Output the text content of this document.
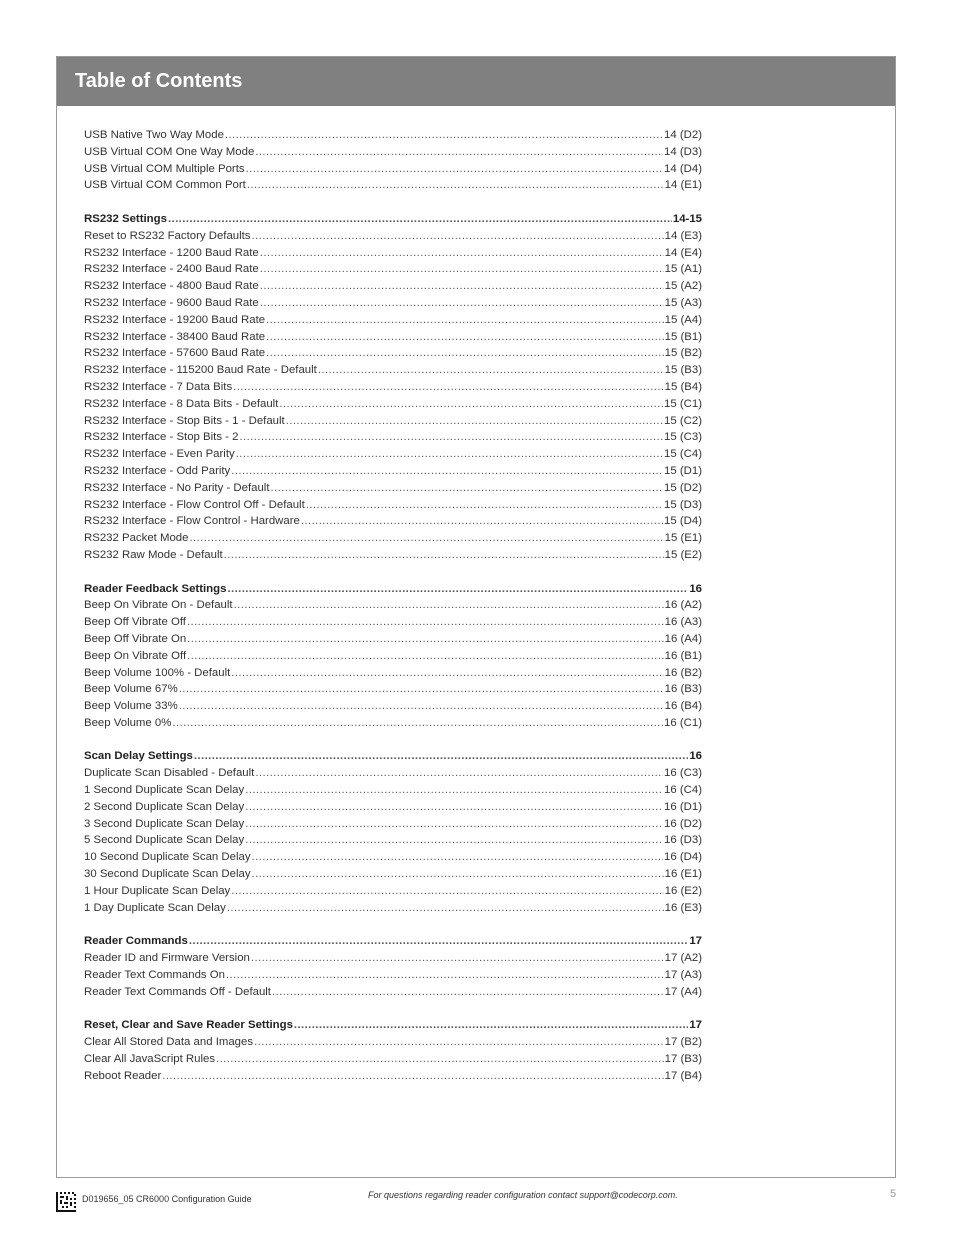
Table of Contents
USB Native Two Way Mode .....	14 (D2)
USB Virtual COM One Way Mode .....	14 (D3)
USB Virtual COM Multiple Ports .....	14 (D4)
USB Virtual COM Common Port .....	14 (E1)
RS232 Settings .....	14-15
Reset to RS232 Factory Defaults .....	14 (E3)
RS232 Interface - 1200 Baud Rate .....	14 (E4)
RS232 Interface - 2400 Baud Rate .....	15 (A1)
RS232 Interface - 4800 Baud Rate .....	15 (A2)
RS232 Interface - 9600 Baud Rate .....	15 (A3)
RS232 Interface - 19200 Baud Rate .....	15 (A4)
RS232 Interface - 38400 Baud Rate .....	15 (B1)
RS232 Interface - 57600 Baud Rate .....	15 (B2)
RS232 Interface - 115200 Baud Rate - Default .....	15 (B3)
RS232 Interface - 7 Data Bits .....	15 (B4)
RS232 Interface - 8 Data Bits - Default .....	15 (C1)
RS232 Interface - Stop Bits - 1 - Default .....	15 (C2)
RS232 Interface - Stop Bits - 2 .....	15 (C3)
RS232 Interface - Even Parity .....	15 (C4)
RS232 Interface - Odd Parity .....	15 (D1)
RS232 Interface - No Parity - Default .....	15 (D2)
RS232 Interface - Flow Control Off - Default .....	15 (D3)
RS232 Interface - Flow Control - Hardware .....	15 (D4)
RS232 Packet Mode .....	15 (E1)
RS232 Raw Mode - Default .....	15 (E2)
Reader Feedback Settings .....	16
Beep On Vibrate On - Default .....	16 (A2)
Beep Off Vibrate Off .....	16 (A3)
Beep Off Vibrate On .....	16 (A4)
Beep On Vibrate Off .....	16 (B1)
Beep Volume 100% - Default .....	16 (B2)
Beep Volume 67% .....	16 (B3)
Beep Volume 33% .....	16 (B4)
Beep Volume 0% .....	16 (C1)
Scan Delay Settings .....	16
Duplicate Scan Disabled - Default .....	16 (C3)
1 Second Duplicate Scan Delay .....	16 (C4)
2 Second Duplicate Scan Delay .....	16 (D1)
3 Second Duplicate Scan Delay .....	16 (D2)
5 Second Duplicate Scan Delay .....	16 (D3)
10 Second Duplicate Scan Delay .....	16 (D4)
30 Second Duplicate Scan Delay .....	16 (E1)
1 Hour Duplicate Scan Delay .....	16 (E2)
1 Day Duplicate Scan Delay .....	16 (E3)
Reader Commands .....	17
Reader ID and Firmware Version .....	17 (A2)
Reader Text Commands On .....	17 (A3)
Reader Text Commands Off - Default .....	17 (A4)
Reset, Clear and Save Reader Settings .....	17
Clear All Stored Data and Images .....	17 (B2)
Clear All JavaScript Rules .....	17 (B3)
Reboot Reader .....	17 (B4)
D019656_05 CR6000 Configuration Guide	For questions regarding reader configuration contact support@codecorp.com.	5
